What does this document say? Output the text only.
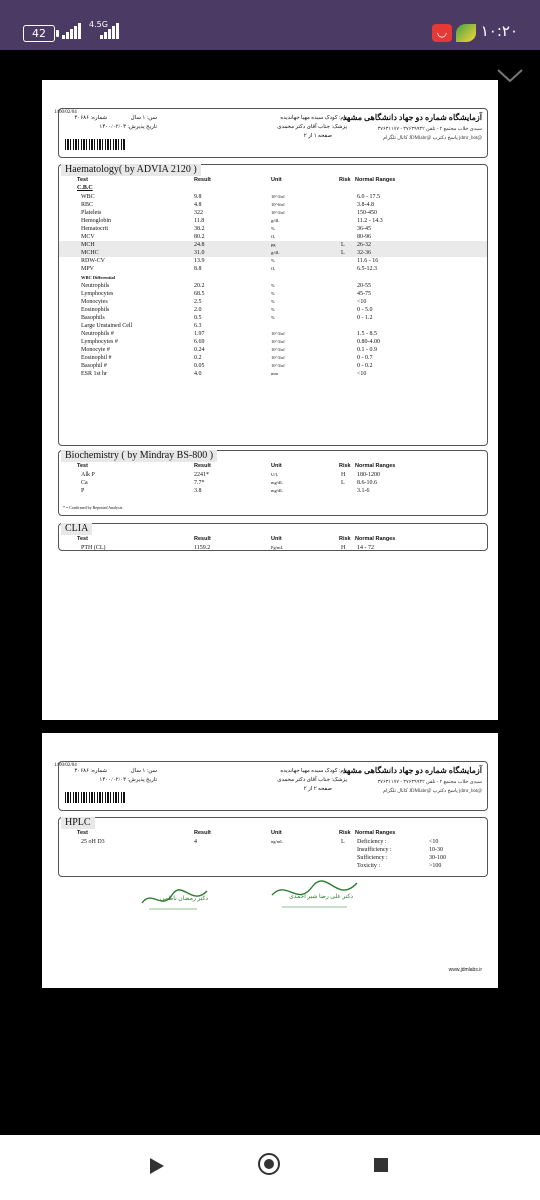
42
4.5G
◡	۱۰:۲۰
1400/02/04
آزمایشگاه شماره دو جهاد دانشگاهی مشهد
سیدی خلاب مجتمع ۲ - تلفن ۳۷۶۳۹۹۳۲ - ۳۷۶۳۱۱۷۷
@jdmr_bot پاسخ دکترپ @JDMlabr کانال تلگرام
نام: کودک سیده مهیا جهاندیده
پزشک: جناب آقای دکتر محمدی
صفحه ۱ از ۲
سن: ۱ سال
شماره: ۳۰۶۸۶
تاریخ پذیرش: ۱۴۰۰/۰۲/۰۳
Haematology( by ADVIA 2120 )
Test	Result	Unit	Risk Normal Ranges
C.B.C
WBC	9.8	10^3/ul	6.0 - 17.5
RBC	4.8	10^6/ul	3.8-4.8
Platelets	322	10^3/ul	150-450
Hemoglobin	11.8	g/dL	11.2 - 14.3
Hematocrit	38.2	%	36-45
MCV	80.2	fL	80-96
MCH	24.8	pg	L 26-32
MCHC	31.0	g/dL	L 32-36
RDW-CV	13.9	%	11.6 - 16
MPV	8.8	fL	6.5-12.3
WBC Differential
Neutrophils	20.2	%	20-55
Lymphocytes	68.5	%	45-75
Monocytes	2.5	%	<10
Eosinophils	2.0	%	0 - 5.0
Basophils	0.5	%	0 - 1.2
Large Unstained Cell	6.3
Neutrophils #	1.97	10^3/ul	1.5 - 8.5
Lymphocytes #	6.69	10^3/ul	0.80-4.00
Monocyte #	0.24	10^3/ul	0.1 - 0.9
Eosinophil #	0.2	10^3/ul	0 - 0.7
Basophil #	0.05	10^3/ul	0 - 0.2
ESR 1st hr	4.0	mm	<10
Biochemistry ( by Mindray BS-800 )
Test	Result	Unit	Risk Normal Ranges
Alk P	2241*	U/L	H 180-1200
Ca	7.7*	mg/dL	L 8.6-10.6
P	3.8	mg/dL	3.1-6
* = Confirmed by Repeated Analysis
CLIA
Test	Result	Unit	Risk Normal Ranges
PTH (CL)	1159.2	Pg/mL	H 14 - 72
1400/02/04
آزمایشگاه شماره دو جهاد دانشگاهی مشهد
سیدی خلاب مجتمع ۲ - تلفن ۳۷۶۳۹۹۳۲ - ۳۷۶۳۱۱۷۷
@jdmr_bot پاسخ دکترپ @JDMlabr کانال تلگرام
نام: کودک سیده مهیا جهاندیده
پزشک: جناب آقای دکتر محمدی
صفحه ۲ از ۲
سن: ۱ سال
شماره: ۳۰۶۸۶
تاریخ پذیرش: ۱۴۰۰/۰۲/۰۳
HPLC
Test	Result	Unit	Risk Normal Ranges
25 oH D3	4	ng/mL	L Deficiency :	<10
Insufficiency :	10-30
Sufficiency :	30-100
Toxicity :	>100
دکتر رمضان ناظمی	دکتر علی رضا شیر احمدی
www.jdmlabs.ir
